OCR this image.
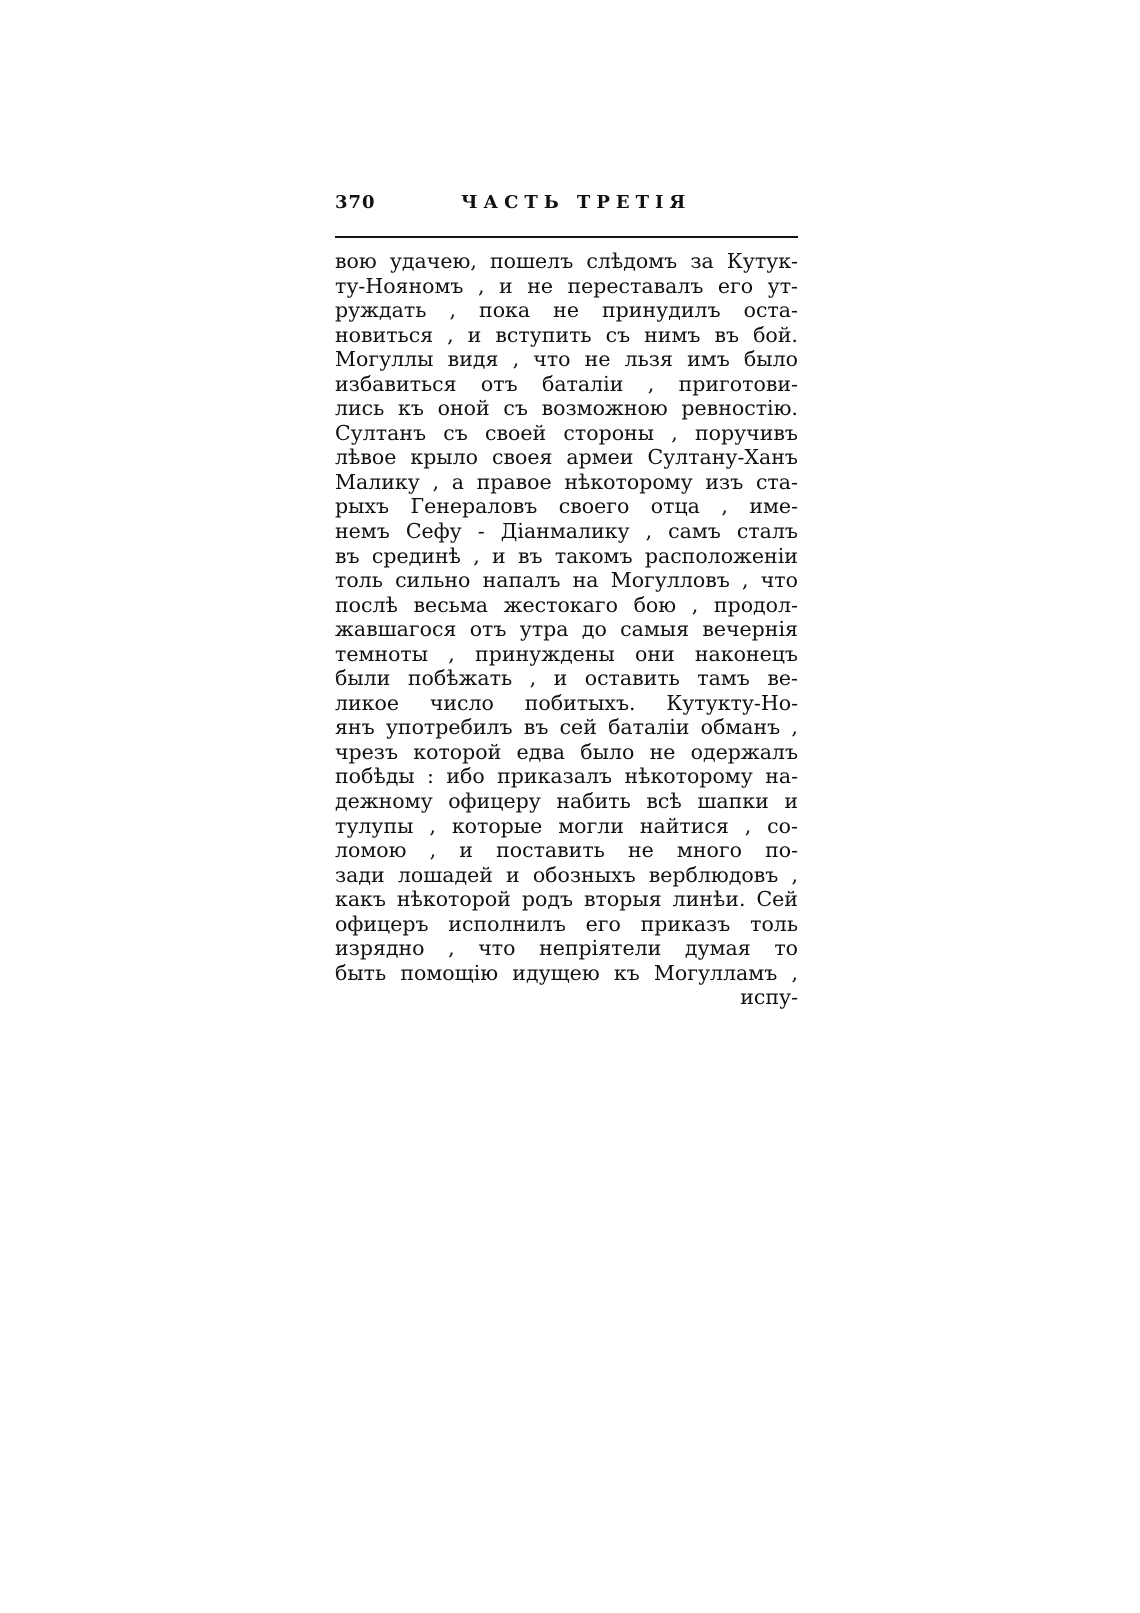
370	ЧАСТЬ ТРЕТІЯ
вою удачею, пошелъ слѣдомъ за Кутук-
ту-Нояномъ , и не переставалъ его ут-
руждать , пока не принудилъ оста-
новиться , и вступить съ нимъ въ бой.
Могуллы видя , что не льзя имъ было
избавиться отъ баталіи , приготови-
лись къ оной съ возможною ревностію.
Султанъ съ своей стороны , поручивъ
лѣвое крыло своея армеи Султану-Ханъ
Малику , а правое нѣкоторому изъ ста-
рыхъ Генераловъ своего отца , име-
немъ Сефу - Діанмалику , самъ сталъ
въ срединѣ , и въ такомъ расположеніи
толь сильно напалъ на Могулловъ , что
послѣ весьма жестокаго бою , продол-
жавшагося отъ утра до самыя вечернія
темноты , принуждены они наконецъ
были побѣжать , и оставить тамъ ве-
ликое число побитыхъ. Кутукту-Но-
янъ употребилъ въ сей баталіи обманъ ,
чрезъ которой едва было не одержалъ
побѣды : ибо приказалъ нѣкоторому на-
дежному офицеру набить всѣ шапки и
тулупы , которые могли найтися , со-
ломою , и поставить не много по-
зади лошадей и обозныхъ верблюдовъ ,
какъ нѣкоторой родъ вторыя линѣи. Сей
офицеръ исполнилъ его приказъ толь
изрядно , что непріятели думая то
быть помощію идущею къ Могулламъ ,
испу-
